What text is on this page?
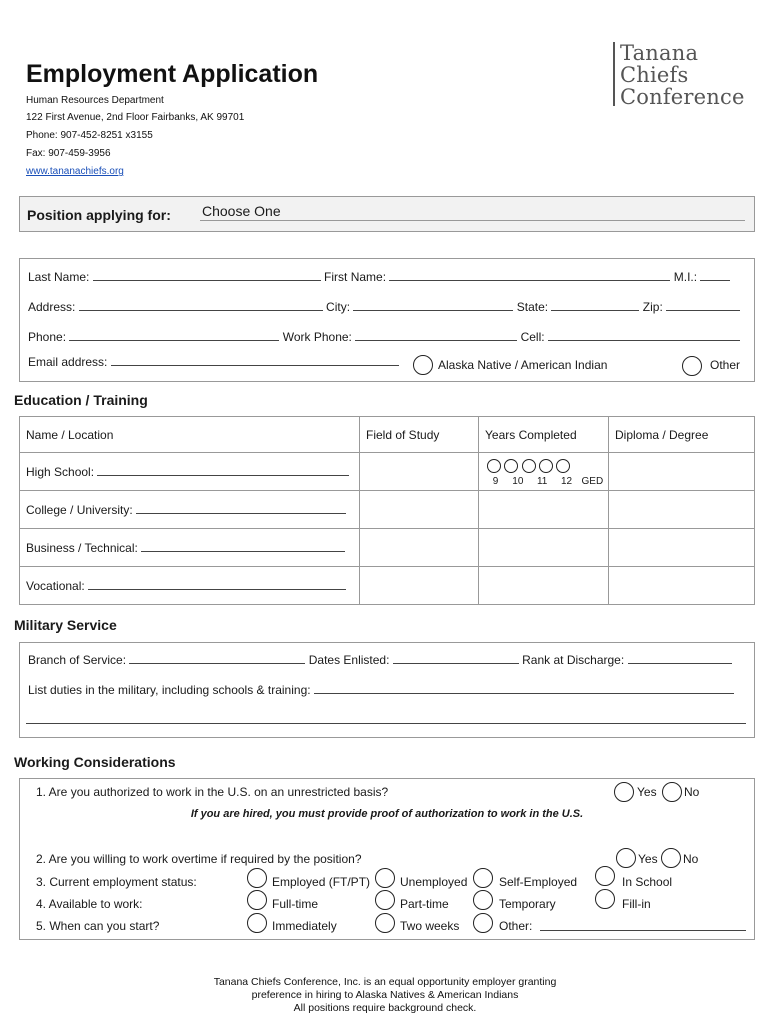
Employment Application
Human Resources Department
122 First Avenue, 2nd Floor Fairbanks, AK 99701
Phone: 907-452-8251 x3155
Fax: 907-459-3956
www.tananachiefs.org
Tanana
Chiefs
Conference
Position applying for: Choose One
Last Name:	First Name:	M.I.:
Address:	City:	State:	Zip:
Phone:	Work Phone:	Cell:
Email address:	Alaska Native / American Indian	Other
Education / Training
Name / Location	Field of Study	Years Completed	Diploma / Degree
High School:		9 10 11 12 GED	

College / University:			
Business / Technical:			
Vocational:			
Military Service
Branch of Service:	Dates Enlisted:	Rank at Discharge:
List duties in the military, including schools & training:
Working Considerations
1. Are you authorized to work in the U.S. on an unrestricted basis?	Yes No
If you are hired, you must provide proof of authorization to work in the U.S.
2. Are you willing to work overtime if required by the position?	Yes No
3. Current employment status:	Employed (FT/PT) Unemployed	Self-Employed	In School
4. Available to work:	Full-time	Part-time	Temporary	Fill-in
5. When can you start?	Immediately	Two weeks	Other:
Tanana Chiefs Conference, Inc. is an equal opportunity employer granting
preference in hiring to Alaska Natives & American Indians
All positions require background check.
